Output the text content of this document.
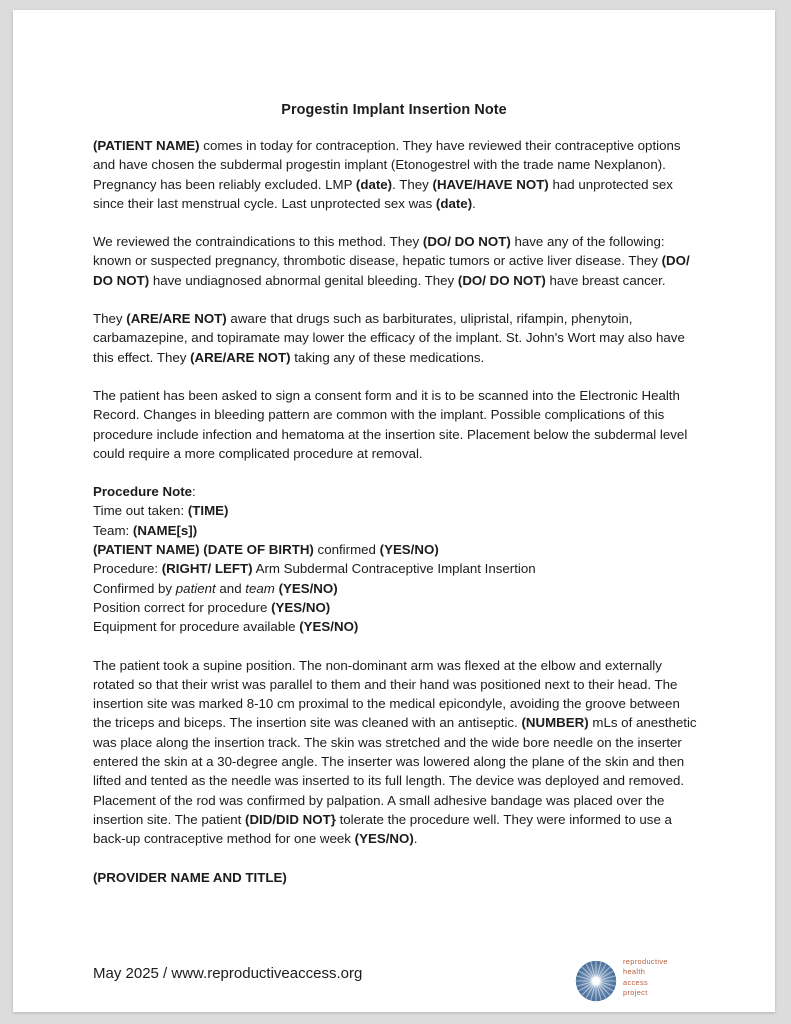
Progestin Implant Insertion Note

(PATIENT NAME) comes in today for contraception. They have reviewed their contraceptive options and have chosen the subdermal progestin implant (Etonogestrel with the trade name Nexplanon). Pregnancy has been reliably excluded. LMP (date). They (HAVE/HAVE NOT) had unprotected sex since their last menstrual cycle. Last unprotected sex was (date).

We reviewed the contraindications to this method. They (DO/ DO NOT) have any of the following: known or suspected pregnancy, thrombotic disease, hepatic tumors or active liver disease. They (DO/ DO NOT) have undiagnosed abnormal genital bleeding. They (DO/ DO NOT) have breast cancer.

They (ARE/ARE NOT) aware that drugs such as barbiturates, ulipristal, rifampin, phenytoin, carbamazepine, and topiramate may lower the efficacy of the implant. St. John's Wort may also have this effect. They (ARE/ARE NOT) taking any of these medications.

The patient has been asked to sign a consent form and it is to be scanned into the Electronic Health Record. Changes in bleeding pattern are common with the implant. Possible complications of this procedure include infection and hematoma at the insertion site. Placement below the subdermal level could require a more complicated procedure at removal.

Procedure Note:

Time out taken: (TIME)

Team: (NAME[s])

(PATIENT NAME) (DATE OF BIRTH) confirmed (YES/NO)

Procedure: (RIGHT/ LEFT) Arm Subdermal Contraceptive Implant Insertion

Confirmed by patient and team (YES/NO)

Position correct for procedure (YES/NO)

Equipment for procedure available (YES/NO)

The patient took a supine position. The non-dominant arm was flexed at the elbow and externally rotated so that their wrist was parallel to them and their hand was positioned next to their head. The insertion site was marked 8-10 cm proximal to the medical epicondyle, avoiding the groove between the triceps and biceps. The insertion site was cleaned with an antiseptic. (NUMBER) mLs of anesthetic was place along the insertion track. The skin was stretched and the wide bore needle on the inserter entered the skin at a 30-degree angle. The inserter was lowered along the plane of the skin and then lifted and tented as the needle was inserted to its full length. The device was deployed and removed. Placement of the rod was confirmed by palpation. A small adhesive bandage was placed over the insertion site. The patient (DID/DID NOT} tolerate the procedure well. They were informed to use a back-up contraceptive method for one week (YES/NO).

(PROVIDER NAME AND TITLE)

May 2025 / www.reproductiveaccess.org
reproductive
health
access
project
